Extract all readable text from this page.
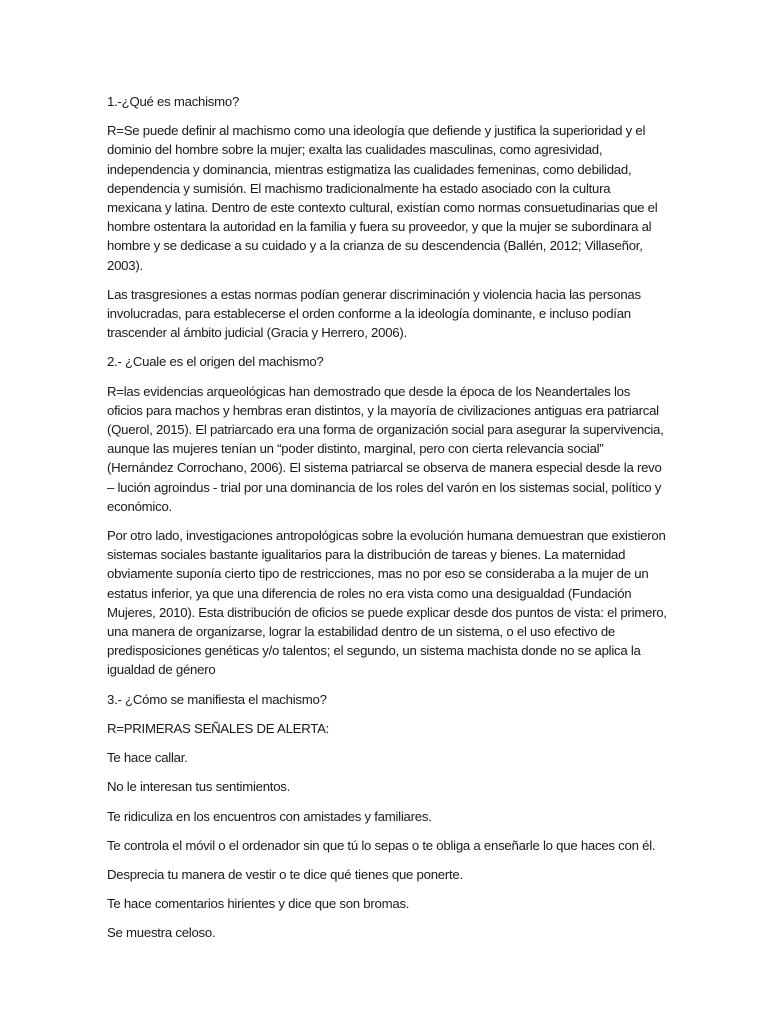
1.-¿Qué es machismo?

R=Se puede definir al machismo como una ideología que defiende y justifica la superioridad y el dominio del hombre sobre la mujer; exalta las cualidades masculinas, como agresividad, independencia y dominancia, mientras estigmatiza las cualidades femeninas, como debilidad, dependencia y sumisión. El machismo tradicionalmente ha estado asociado con la cultura mexicana y latina. Dentro de este contexto cultural, existían como normas consuetudinarias que el hombre ostentara la autoridad en la familia y fuera su proveedor, y que la mujer se subordinara al hombre y se dedicase a su cuidado y a la crianza de su descendencia (Ballén, 2012; Villaseñor, 2003).

Las trasgresiones a estas normas podían generar discriminación y violencia hacia las personas involucradas, para establecerse el orden conforme a la ideología dominante, e incluso podían trascender al ámbito judicial (Gracia y Herrero, 2006).

2.- ¿Cuale es el origen del machismo?

R=las evidencias arqueológicas han demostrado que desde la época de los Neandertales los oficios para machos y hembras eran distintos, y la mayoría de civilizaciones antiguas era patriarcal (Querol, 2015). El patriarcado era una forma de organización social para asegurar la supervivencia, aunque las mujeres tenían un “poder distinto, marginal, pero con cierta relevancia social” (Hernández Corrochano, 2006). El sistema patriarcal se observa de manera especial desde la revo – lución agroindus - trial por una dominancia de los roles del varón en los sistemas social, político y económico.

Por otro lado, investigaciones antropológicas sobre la evolución humana demuestran que existieron sistemas sociales bastante igualitarios para la distribución de tareas y bienes. La maternidad obviamente suponía cierto tipo de restricciones, mas no por eso se consideraba a la mujer de un estatus inferior, ya que una diferencia de roles no era vista como una desigualdad (Fundación Mujeres, 2010). Esta distribución de oficios se puede explicar desde dos puntos de vista: el primero, una manera de organizarse, lograr la estabilidad dentro de un sistema, o el uso efectivo de predisposiciones genéticas y/o talentos; el segundo, un sistema machista donde no se aplica la igualdad de género

3.- ¿Cómo se manifiesta el machismo?

R=PRIMERAS SEÑALES DE ALERTA:

Te hace callar.

No le interesan tus sentimientos.

Te ridiculiza en los encuentros con amistades y familiares.

Te controla el móvil o el ordenador sin que tú lo sepas o te obliga a enseñarle lo que haces con él.

Desprecia tu manera de vestir o te dice qué tienes que ponerte.

Te hace comentarios hirientes y dice que son bromas.

Se muestra celoso.
